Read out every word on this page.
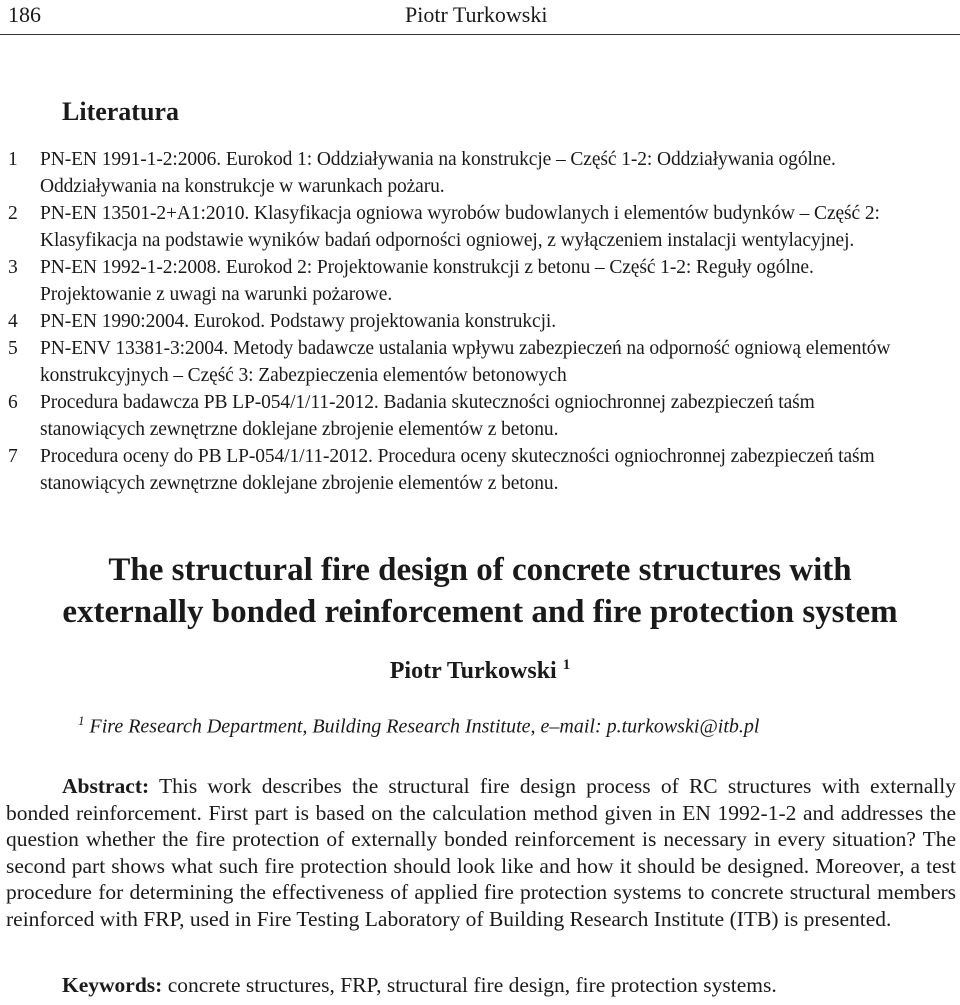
186	Piotr Turkowski
Literatura
1	PN-EN 1991-1-2:2006. Eurokod 1: Oddziaływania na konstrukcje – Część 1-2: Oddziaływania ogólne. Oddziaływania na konstrukcje w warunkach pożaru.
2	PN-EN 13501-2+A1:2010. Klasyfikacja ogniowa wyrobów budowlanych i elementów budynków – Część 2: Klasyfikacja na podstawie wyników badań odporności ogniowej, z wyłączeniem instalacji wentylacyjnej.
3	PN-EN 1992-1-2:2008. Eurokod 2: Projektowanie konstrukcji z betonu – Część 1-2: Reguły ogólne. Projektowanie z uwagi na warunki pożarowe.
4	PN-EN 1990:2004. Eurokod. Podstawy projektowania konstrukcji.
5	PN-ENV 13381-3:2004. Metody badawcze ustalania wpływu zabezpieczeń na odporność ogniową elementów konstrukcyjnych – Część 3: Zabezpieczenia elementów betonowych
6	Procedura badawcza PB LP-054/1/11-2012. Badania skuteczności ogniochronnej zabezpieczeń taśm stanowiących zewnętrzne doklejane zbrojenie elementów z betonu.
7	Procedura oceny do PB LP-054/1/11-2012. Procedura oceny skuteczności ogniochronnej zabezpieczeń taśm stanowiących zewnętrzne doklejane zbrojenie elementów z betonu.
The structural fire design of concrete structures with
externally bonded reinforcement and fire protection system
Piotr Turkowski $^1$
$^1$ Fire Research Department, Building Research Institute, e–mail: p.turkowski@itb.pl

Abstract: This work describes the structural fire design process of RC structures with externally bonded reinforcement. First part is based on the calculation method given in EN 1992-1-2 and addresses the question whether the fire protection of externally bonded reinforcement is necessary in every situation? The second part shows what such fire protection should look like and how it should be designed. Moreover, a test procedure for determining the effectiveness of applied fire protection systems to concrete structural members reinforced with FRP, used in Fire Testing Laboratory of Building Research Institute (ITB) is presented.

Keywords: concrete structures, FRP, structural fire design, fire protection systems.
